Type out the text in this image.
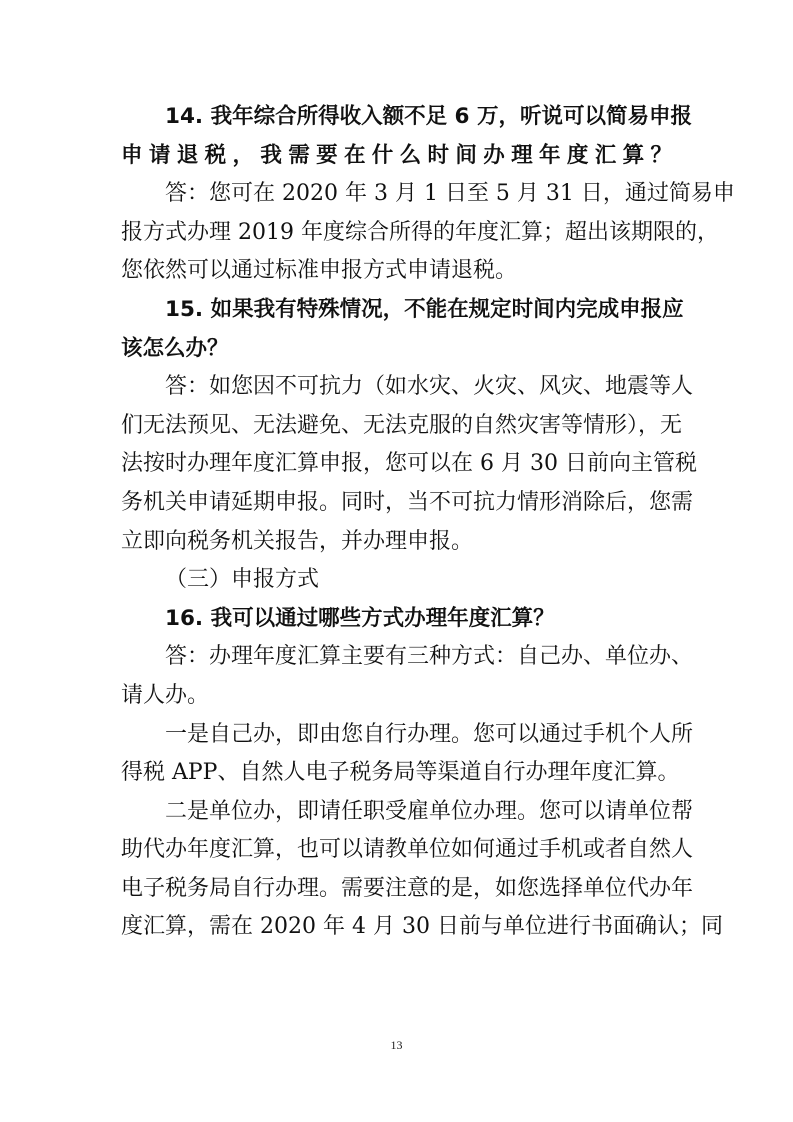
14. 我年综合所得收入额不足 6 万，听说可以简易申报
申请退税，我需要在什么时间办理年度汇算？
答：您可在 2020 年 3 月 1 日至 5 月 31 日，通过简易申
报方式办理 2019 年度综合所得的年度汇算；超出该期限的，
您依然可以通过标准申报方式申请退税。
15. 如果我有特殊情况，不能在规定时间内完成申报应
该怎么办？
答：如您因不可抗力（如水灾、火灾、风灾、地震等人
们无法预见、无法避免、无法克服的自然灾害等情形），无
法按时办理年度汇算申报，您可以在 6 月 30 日前向主管税
务机关申请延期申报。同时，当不可抗力情形消除后，您需
立即向税务机关报告，并办理申报。
（三）申报方式
16. 我可以通过哪些方式办理年度汇算？
答：办理年度汇算主要有三种方式：自己办、单位办、
请人办。
一是自己办，即由您自行办理。您可以通过手机个人所
得税 APP、自然人电子税务局等渠道自行办理年度汇算。
二是单位办，即请任职受雇单位办理。您可以请单位帮
助代办年度汇算，也可以请教单位如何通过手机或者自然人
电子税务局自行办理。需要注意的是，如您选择单位代办年
度汇算，需在 2020 年 4 月 30 日前与单位进行书面确认；同
13
